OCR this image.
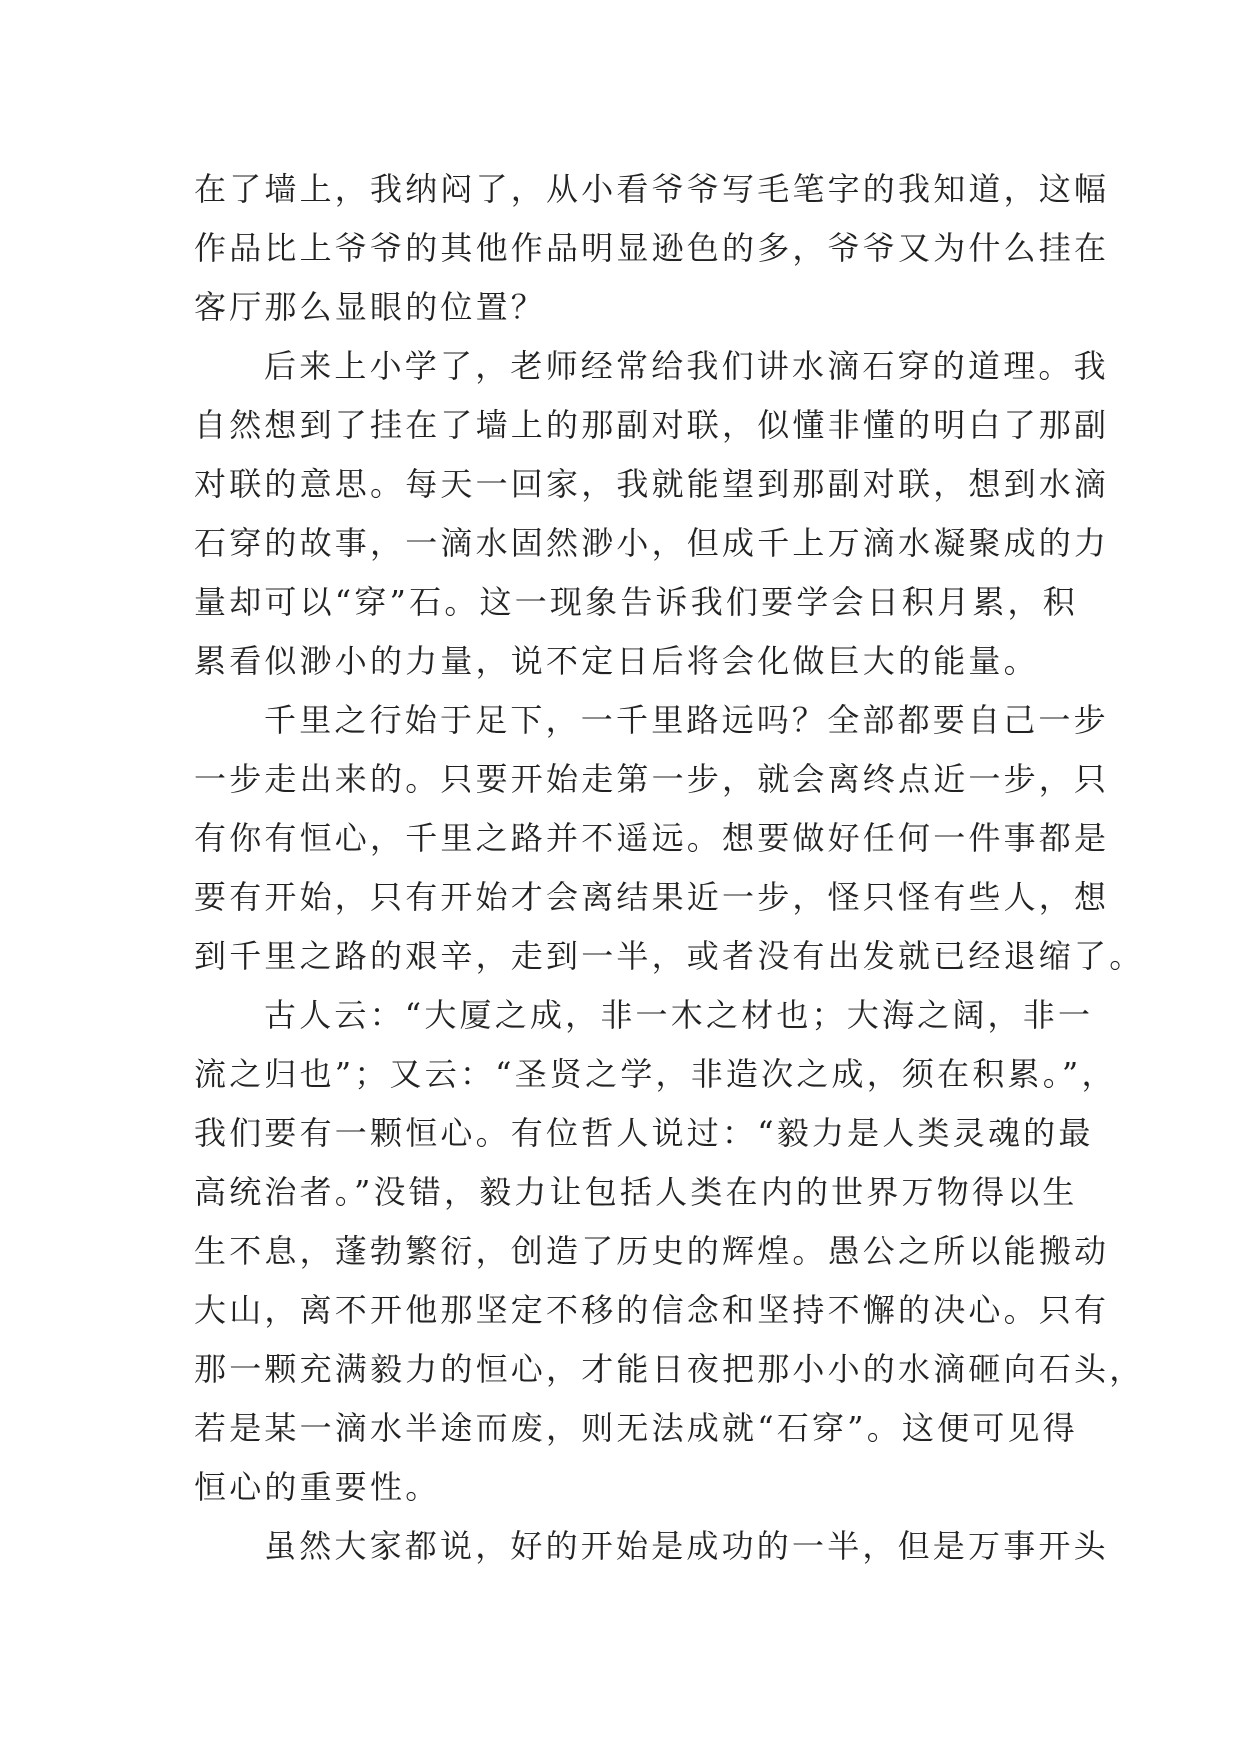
在了墙上，我纳闷了，从小看爷爷写毛笔字的我知道，这幅
作品比上爷爷的其他作品明显逊色的多，爷爷又为什么挂在
客厅那么显眼的位置？
后来上小学了，老师经常给我们讲水滴石穿的道理。我
自然想到了挂在了墙上的那副对联，似懂非懂的明白了那副
对联的意思。每天一回家，我就能望到那副对联，想到水滴
石穿的故事，一滴水固然渺小，但成千上万滴水凝聚成的力
量却可以“穿”石。这一现象告诉我们要学会日积月累，积
累看似渺小的力量，说不定日后将会化做巨大的能量。
千里之行始于足下，一千里路远吗？全部都要自己一步
一步走出来的。只要开始走第一步，就会离终点近一步，只
有你有恒心，千里之路并不遥远。想要做好任何一件事都是
要有开始，只有开始才会离结果近一步，怪只怪有些人，想
到千里之路的艰辛，走到一半，或者没有出发就已经退缩了。
古人云：“大厦之成，非一木之材也；大海之阔，非一
流之归也”；又云：“圣贤之学，非造次之成，须在积累。”，
我们要有一颗恒心。有位哲人说过：“毅力是人类灵魂的最
高统治者。”没错，毅力让包括人类在内的世界万物得以生
生不息，蓬勃繁衍，创造了历史的辉煌。愚公之所以能搬动
大山，离不开他那坚定不移的信念和坚持不懈的决心。只有
那一颗充满毅力的恒心，才能日夜把那小小的水滴砸向石头，
若是某一滴水半途而废，则无法成就“石穿”。这便可见得
恒心的重要性。
虽然大家都说，好的开始是成功的一半，但是万事开头
